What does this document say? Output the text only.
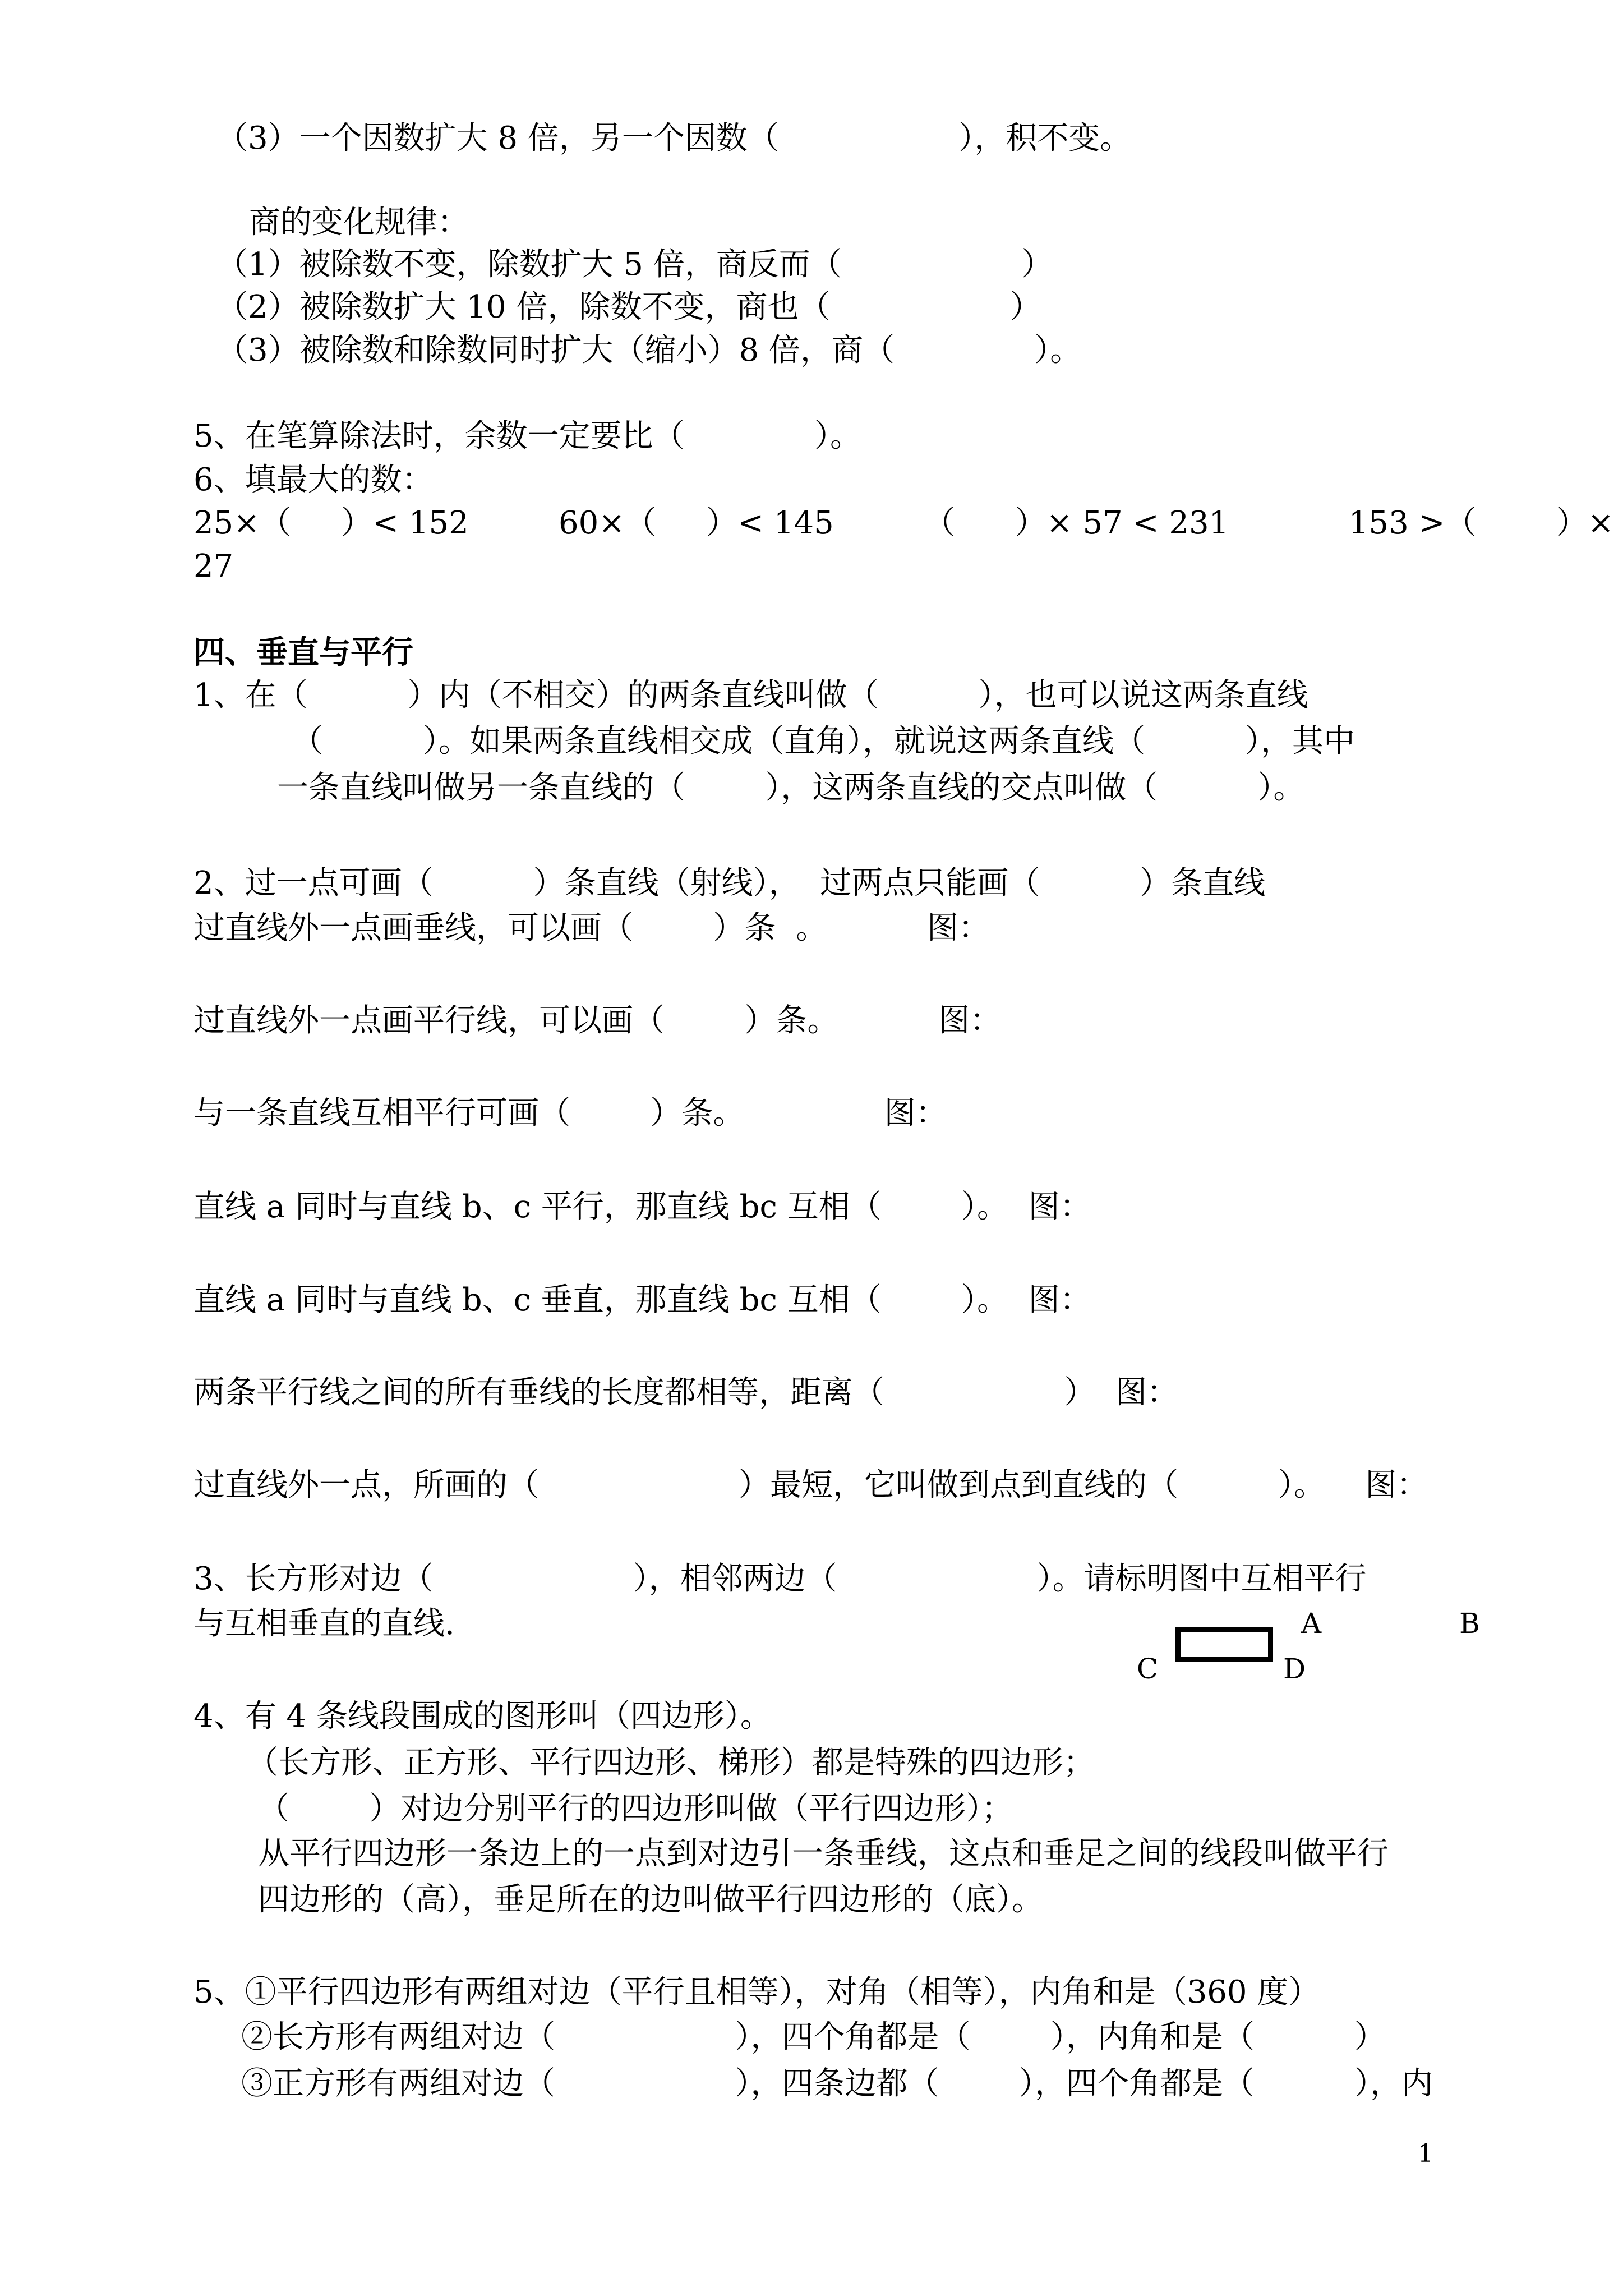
（3）一个因数扩大 8 倍，另一个因数（                  ），积不变。
商的变化规律：
（1）被除数不变，除数扩大 5 倍，商反而（                  ）
（2）被除数扩大 10 倍，除数不变，商也（                  ）
（3）被除数和除数同时扩大（缩小）8 倍，商（              ）。
5、在笔算除法时，余数一定要比（             ）。
6、填最大的数：
25×（     ）< 152         60×（     ）< 145         （      ）× 57 < 231            153 >（        ）×
27
四、垂直与平行
1、在（          ）内（不相交）的两条直线叫做（          ），也可以说这两条直线
（          ）。如果两条直线相交成（直角），就说这两条直线（          ），其中
一条直线叫做另一条直线的（        ），这两条直线的交点叫做（          ）。
2、过一点可画（          ）条直线（射线），  过两点只能画（          ）条直线
过直线外一点画垂线，可以画（        ）条  。          图：
过直线外一点画平行线，可以画（        ）条。          图：
与一条直线互相平行可画（        ）条。              图：
直线 a 同时与直线 b、c 平行，那直线 bc 互相（        ）。  图：
直线 a 同时与直线 b、c 垂直，那直线 bc 互相（        ）。  图：
两条平行线之间的所有垂线的长度都相等，距离（                  ）  图：
过直线外一点，所画的（                    ）最短，它叫做到点到直线的（          ）。    图：
3、长方形对边（                    ），相邻两边（                    ）。请标明图中互相平行
与互相垂直的直线.	A	B
C	D
4、有 4 条线段围成的图形叫（四边形）。
（长方形、正方形、平行四边形、梯形）都是特殊的四边形；
（        ）对边分别平行的四边形叫做（平行四边形）；
从平行四边形一条边上的一点到对边引一条垂线，这点和垂足之间的线段叫做平行
四边形的（高），垂足所在的边叫做平行四边形的（底）。
5、①平行四边形有两组对边（平行且相等），对角（相等），内角和是（360 度）
②长方形有两组对边（                  ），四个角都是（        ），内角和是（          ）
③正方形有两组对边（                  ），四条边都（        ），四个角都是（          ），内
1
